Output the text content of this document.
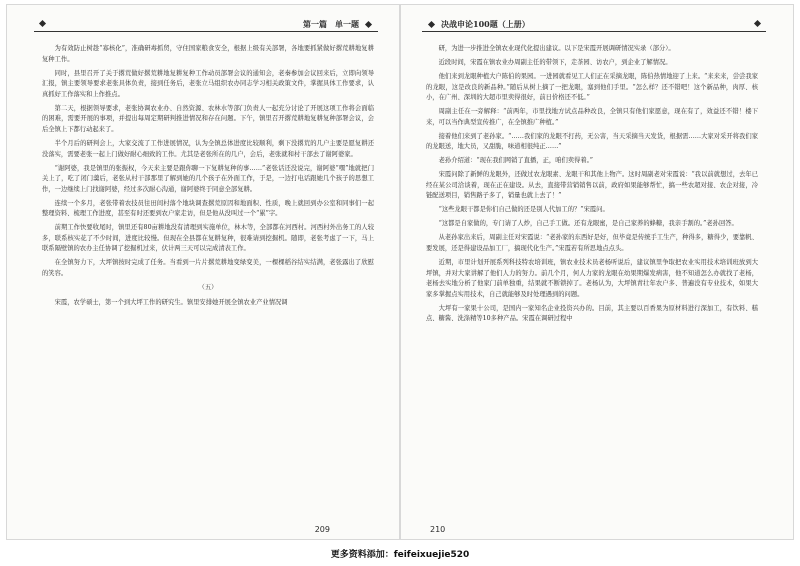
第一篇 单一题

为有效防止树趁“寡核化”，准确研毒抓贸，守住国家粮食安全，根据上级有关部署，各地要抓紧做好撂荒耕地复耕复种工作。

同时，县里召开了关于撂荒做好撂荒耕地复耕复种工作动员部署会议的通知会，老秦参加会议回来后，立即向领导汇报，镇主要领导要求老张具体负责，接到任务后，老张立马组织农办同志学习相关政策文件，掌握具体工作要求，认真抓好工作落实和上作推点。

第二天，根据领导要求，老张协调农业办、自然资源、农林水等部门负责人一起充分讨论了开展这项工作将会面临的困难，需要开展的事项，并提出每周定期研判推进情况和存在问题。下午，镇里召开撂荒耕地复耕复种部署会议，会后全镇上下都行动起来了。

半个月后的研判会上，大家交流了工作进展情况，认为全镇总体进度比较顺利，剩下没撂荒的几户主要是愿复耕还没落实，需要老张一起上门做好耐心细致的工作。尤其是老张所在的几户，会后，老张就和村干部去了谢阿婆家。

“谢阿婆，我是镇里的张振权，今天来主要是跟你聊一下复耕复种的事……”老张话还没说完，谢阿婆“嘿”地就把门关上了，吃了闭门羹后，老张从村干部那里了解到她的几个孩子在外面工作，于是，一边打电话跟她几个孩子的思想工作，一边继续上门找谢阿婆，经过多次耐心沟通，谢阿婆终于同意全部复耕。

连续一个多月，老张带着农技员往田间村落个地块调查撂荒原因和地面积、性质，晚上就回到办公室和同事们一起整理资料、梳理工作进度，甚至有时还要到农户家走访，但是他从没叫过一个“累”字。

前期工作快要收尾时，镇里还有80亩耕地没有清理到实施单位，林木等，全部都在河西村。河西村外出务工的人较多，联系核实花了不少时间，进度比较慢。但现在全县都在复耕复种，很难请到挖掘机。随即，老张考虑了一下，马上联系隔壁镇的农办主任协调了挖掘机过来，伏计两三天可以完成清表工作。

在全镇努力下，大坪镇按时完成了任务。当看到一片片撂荒耕地变绿变美，一棵棵稻谷结实结满，老张露出了欣慰的笑容。

（五）

宋霞，农学硕士，第一个到大坪工作的研究生。镇里安排她开展全镇农业产业情况调

209
决战申论100题（上册）

研，为进一步推进全镇农业现代化提出建议。以下是宋霞开展调研情况实录（部分）。

近段时间，宋霞在镇农业办周副主任的带领下，走茶园、访农户，到企业了解情况。

他们来到龙眼种植大户陈伯的果园。一进园就看见工人们正在采摘龙眼，陈伯热情地迎了上来。“来来来，尝尝我家的龙眼，这是改良的新品种。”随后从树上摘了一把龙眼，塞到他们手里。“怎么样？还不错吧！这个新品种，肉厚、核小，在广州、深圳的大超市里卖得很好，前日价格还不低。”

周副主任在一旁解释：“前两年，市里找地方试点品种改良，全镇只有他们家愿意，现在有了，效益还不错！楼下来，可以当作典型宣传推广，在全镇推广种植。”

接着他们来到了老孙家。“……我们家的龙眼不打药，无公害，当天采摘当天发货，根据需……大家对采开将我们家的龙眼送，地大员，又甜脆，味道相很纯正……”

老孙介绍道：“现在我们网销了直播，正，咱们卖得着。”

宋霞问除了新鲜的龙眼外，还做过农龙眼素、龙眼干和其他上物产。这时周副老对宋霞说：“我以前就想过，去年已经在某公司洽谈着，现在正在建设。从去，直接带营销销售以前，政府如果能够帮忙，搞一些农超对接、农企对接，冷链配送项目，销售路子多了，销量也就上去了！”

“这些龙眼干都是你们自己做的还是别人代加工的？”宋霞问。

“这都是自家做的，专门请了人炒，自己手工做。还有龙眼蜜，是自己家养的蜂糖，我亲手割的。”老孙回答。

从老孙家出来后，周副主任对宋霞说：“老孙家的东西好是好，但毕竟是传统手工生产，种得多，糖得少，要靠帆、要发展，还是得建设品加工厂，搞现代化生产。”宋霞若有所思地点点头。

近期，市里计划开展系列科技特农培训班，镇农业技术员老杨听说后，建议镇里争取把农业实用技术培训班放到大坪镇，并对大家讲解了他们人力的努力。前几个月，何人力家的龙眼在幼果期爆发病害，他不知道怎么办就找了老杨，老杨去实地分析了他家门前单独重，结果就不断锁掉了。老杨认为，大坪镇青壮年农户多、普遍没有专业技术，如果大家多掌握点实用技术，自己就能够及时处理遇到的问题。

大坪有一家果十公司，是国内一家知名企业投资兴办的。目前，其主要以百香果为原材料进行深加工，有饮料、糕点、糖酱、洗涤精等10多种产品。宋霞在调研过程中

210
更多资料添加：feifeixuejie520
